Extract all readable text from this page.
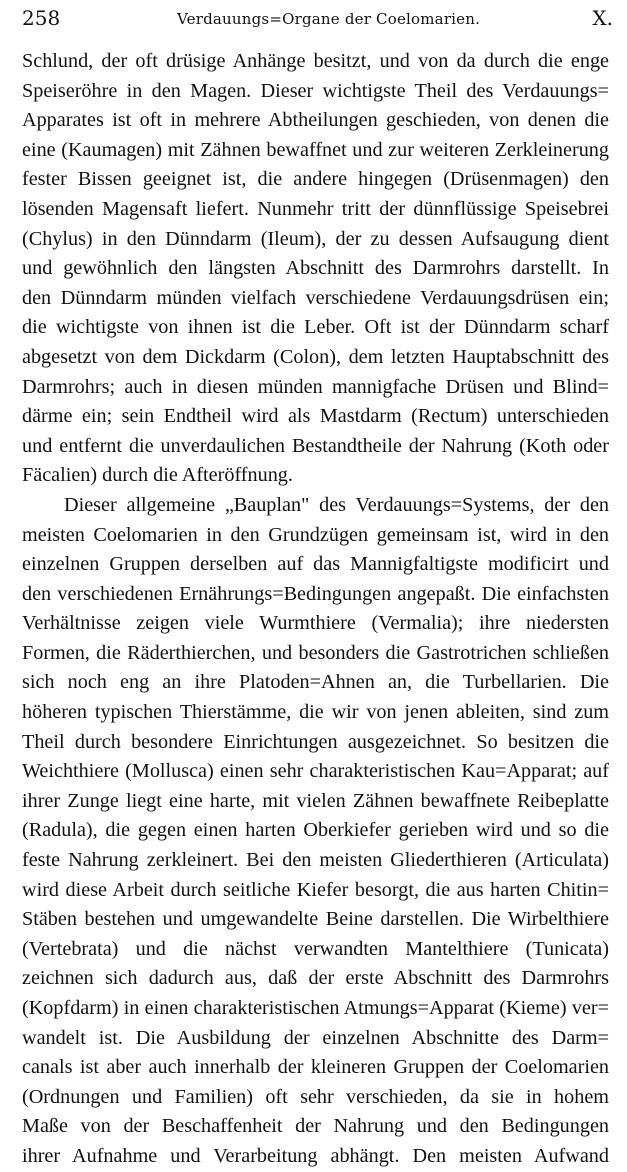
258	Verdauungs=Organe der Coelomarien.	X.
Schlund, der oft drüsige Anhänge besitzt, und von da durch die enge
Speiseröhre in den Magen. Dieser wichtigste Theil des Verdauungs=
Apparates ist oft in mehrere Abtheilungen geschieden, von denen die
eine (Kaumagen) mit Zähnen bewaffnet und zur weiteren Zerkleinerung
fester Bissen geeignet ist, die andere hingegen (Drüsenmagen) den
lösenden Magensaft liefert. Nunmehr tritt der dünnflüssige Speisebrei
(Chylus) in den Dünndarm (Ileum), der zu dessen Aufsaugung dient
und gewöhnlich den längsten Abschnitt des Darmrohrs darstellt. In
den Dünndarm münden vielfach verschiedene Verdauungsdrüsen ein;
die wichtigste von ihnen ist die Leber. Oft ist der Dünndarm scharf
abgesetzt von dem Dickdarm (Colon), dem letzten Hauptabschnitt des
Darmrohrs; auch in diesen münden mannigfache Drüsen und Blind=
därme ein; sein Endtheil wird als Mastdarm (Rectum) unterschieden
und entfernt die unverdaulichen Bestandtheile der Nahrung (Koth oder
Fäcalien) durch die Afteröffnung.
Dieser allgemeine „Bauplan" des Verdauungs=Systems, der den
meisten Coelomarien in den Grundzügen gemeinsam ist, wird in den
einzelnen Gruppen derselben auf das Mannigfaltigste modificirt und
den verschiedenen Ernährungs=Bedingungen angepaßt. Die einfachsten
Verhältnisse zeigen viele Wurmthiere (Vermalia); ihre niedersten
Formen, die Räderthierchen, und besonders die Gastrotrichen schließen
sich noch eng an ihre Platoden=Ahnen an, die Turbellarien. Die
höheren typischen Thierstämme, die wir von jenen ableiten, sind zum
Theil durch besondere Einrichtungen ausgezeichnet. So besitzen die
Weichthiere (Mollusca) einen sehr charakteristischen Kau=Apparat; auf
ihrer Zunge liegt eine harte, mit vielen Zähnen bewaffnete Reibeplatte
(Radula), die gegen einen harten Oberkiefer gerieben wird und so die
feste Nahrung zerkleinert. Bei den meisten Gliederthieren (Articulata)
wird diese Arbeit durch seitliche Kiefer besorgt, die aus harten Chitin=
Stäben bestehen und umgewandelte Beine darstellen. Die Wirbelthiere
(Vertebrata) und die nächst verwandten Mantelthiere (Tunicata)
zeichnen sich dadurch aus, daß der erste Abschnitt des Darmrohrs
(Kopfdarm) in einen charakteristischen Atmungs=Apparat (Kieme) ver=
wandelt ist. Die Ausbildung der einzelnen Abschnitte des Darm=
canals ist aber auch innerhalb der kleineren Gruppen der Coelomarien
(Ordnungen und Familien) oft sehr verschieden, da sie in hohem
Maße von der Beschaffenheit der Nahrung und den Bedingungen
ihrer Aufnahme und Verarbeitung abhängt. Den meisten Aufwand
